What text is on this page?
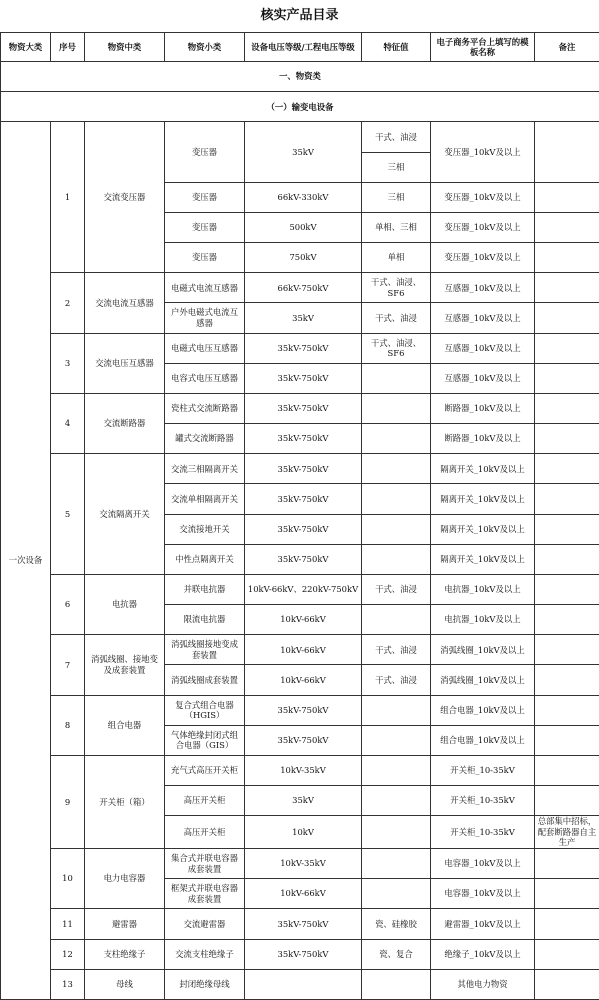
核实产品目录
物资大类	序号	物资中类	物资小类	设备电压等级/工程电压等级	特征值	电子商务平台上填写的模板名称	备注
一、物资类							
（一）输变电设备							
一次设备	1	交流变压器	变压器	35kV	干式、油浸	变压器_10kV及以上	
					三相		
			变压器	66kV-330kV	三相	变压器_10kV及以上	
			变压器	500kV	单相、三相	变压器_10kV及以上	
			变压器	750kV	单相	变压器_10kV及以上	
	2	交流电流互感器	电磁式电流互感器	66kV-750kV	干式、油浸、SF6	互感器_10kV及以上	
			户外电磁式电流互感器	35kV	干式、油浸	互感器_10kV及以上	
	3	交流电压互感器	电磁式电压互感器	35kV-750kV	干式、油浸、SF6	互感器_10kV及以上	
			电容式电压互感器	35kV-750kV		互感器_10kV及以上	
	4	交流断路器	瓷柱式交流断路器	35kV-750kV		断路器_10kV及以上	
			罐式交流断路器	35kV-750kV		断路器_10kV及以上	
	5	交流隔离开关	交流三相隔离开关	35kV-750kV		隔离开关_10kV及以上	
			交流单相隔离开关	35kV-750kV		隔离开关_10kV及以上	
			交流接地开关	35kV-750kV		隔离开关_10kV及以上	
			中性点隔离开关	35kV-750kV		隔离开关_10kV及以上	
	6	电抗器	并联电抗器	10kV-66kV、220kV-750kV	干式、油浸	电抗器_10kV及以上	
			限流电抗器	10kV-66kV		电抗器_10kV及以上	
	7	消弧线圈、接地变及成套装置	消弧线圈接地变成套装置	10kV-66kV	干式、油浸	消弧线圈_10kV及以上	
			消弧线圈成套装置	10kV-66kV	干式、油浸	消弧线圈_10kV及以上	
	8	组合电器	复合式组合电器（HGIS）	35kV-750kV		组合电器_10kV及以上	
			气体绝缘封闭式组合电器（GIS）	35kV-750kV		组合电器_10kV及以上	
	9	开关柜（箱）	充气式高压开关柜	10kV-35kV		开关柜_10-35kV	
			高压开关柜	35kV		开关柜_10-35kV	
			高压开关柜	10kV		开关柜_10-35kV	总部集中招标，配套断路器自主生产
	10	电力电容器	集合式并联电容器成套装置	10kV-35kV		电容器_10kV及以上	
			框架式并联电容器成套装置	10kV-66kV		电容器_10kV及以上	
	11	避雷器	交流避雷器	35kV-750kV	瓷、硅橡胶	避雷器_10kV及以上	
	12	支柱绝缘子	交流支柱绝缘子	35kV-750kV	瓷、复合	绝缘子_10kV及以上	
	13	母线	封闭绝缘母线			其他电力物资	
